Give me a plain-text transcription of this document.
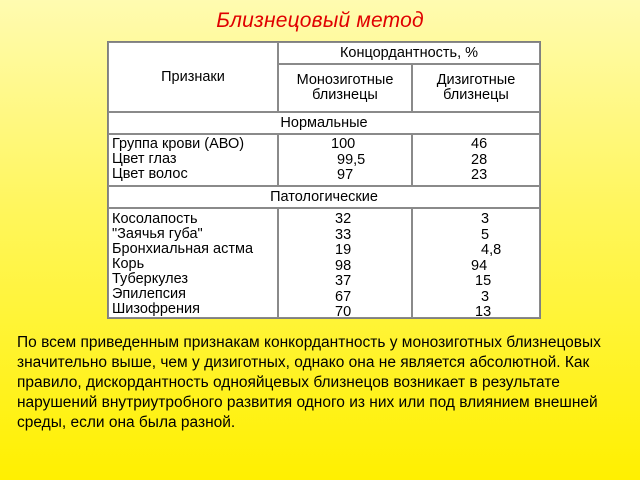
Близнецовый метод
Признаки
Концордантность, %
Монозиготные близнецы
Дизиготные близнецы
Нормальные
Группа крови (АВО)
Цвет глаз
Цвет волос
100
99,5
97
46
28
23
Патологические
Косолапость
"Заячья губа"
Бронхиальная астма
Корь
Туберкулез
Эпилепсия
Шизофрения
32
33
19
98
37
67
70
3
5
4,8
94
15
3
13
По всем приведенным признакам конкордантность у монозиготных близнецовых значительно выше, чем у дизиготных, однако она не является абсолютной. Как правило, дискордантность однояйцевых близнецов возникает в результате нарушений внутриутробного развития одного из них или под влиянием внешней среды, если она была разной.
